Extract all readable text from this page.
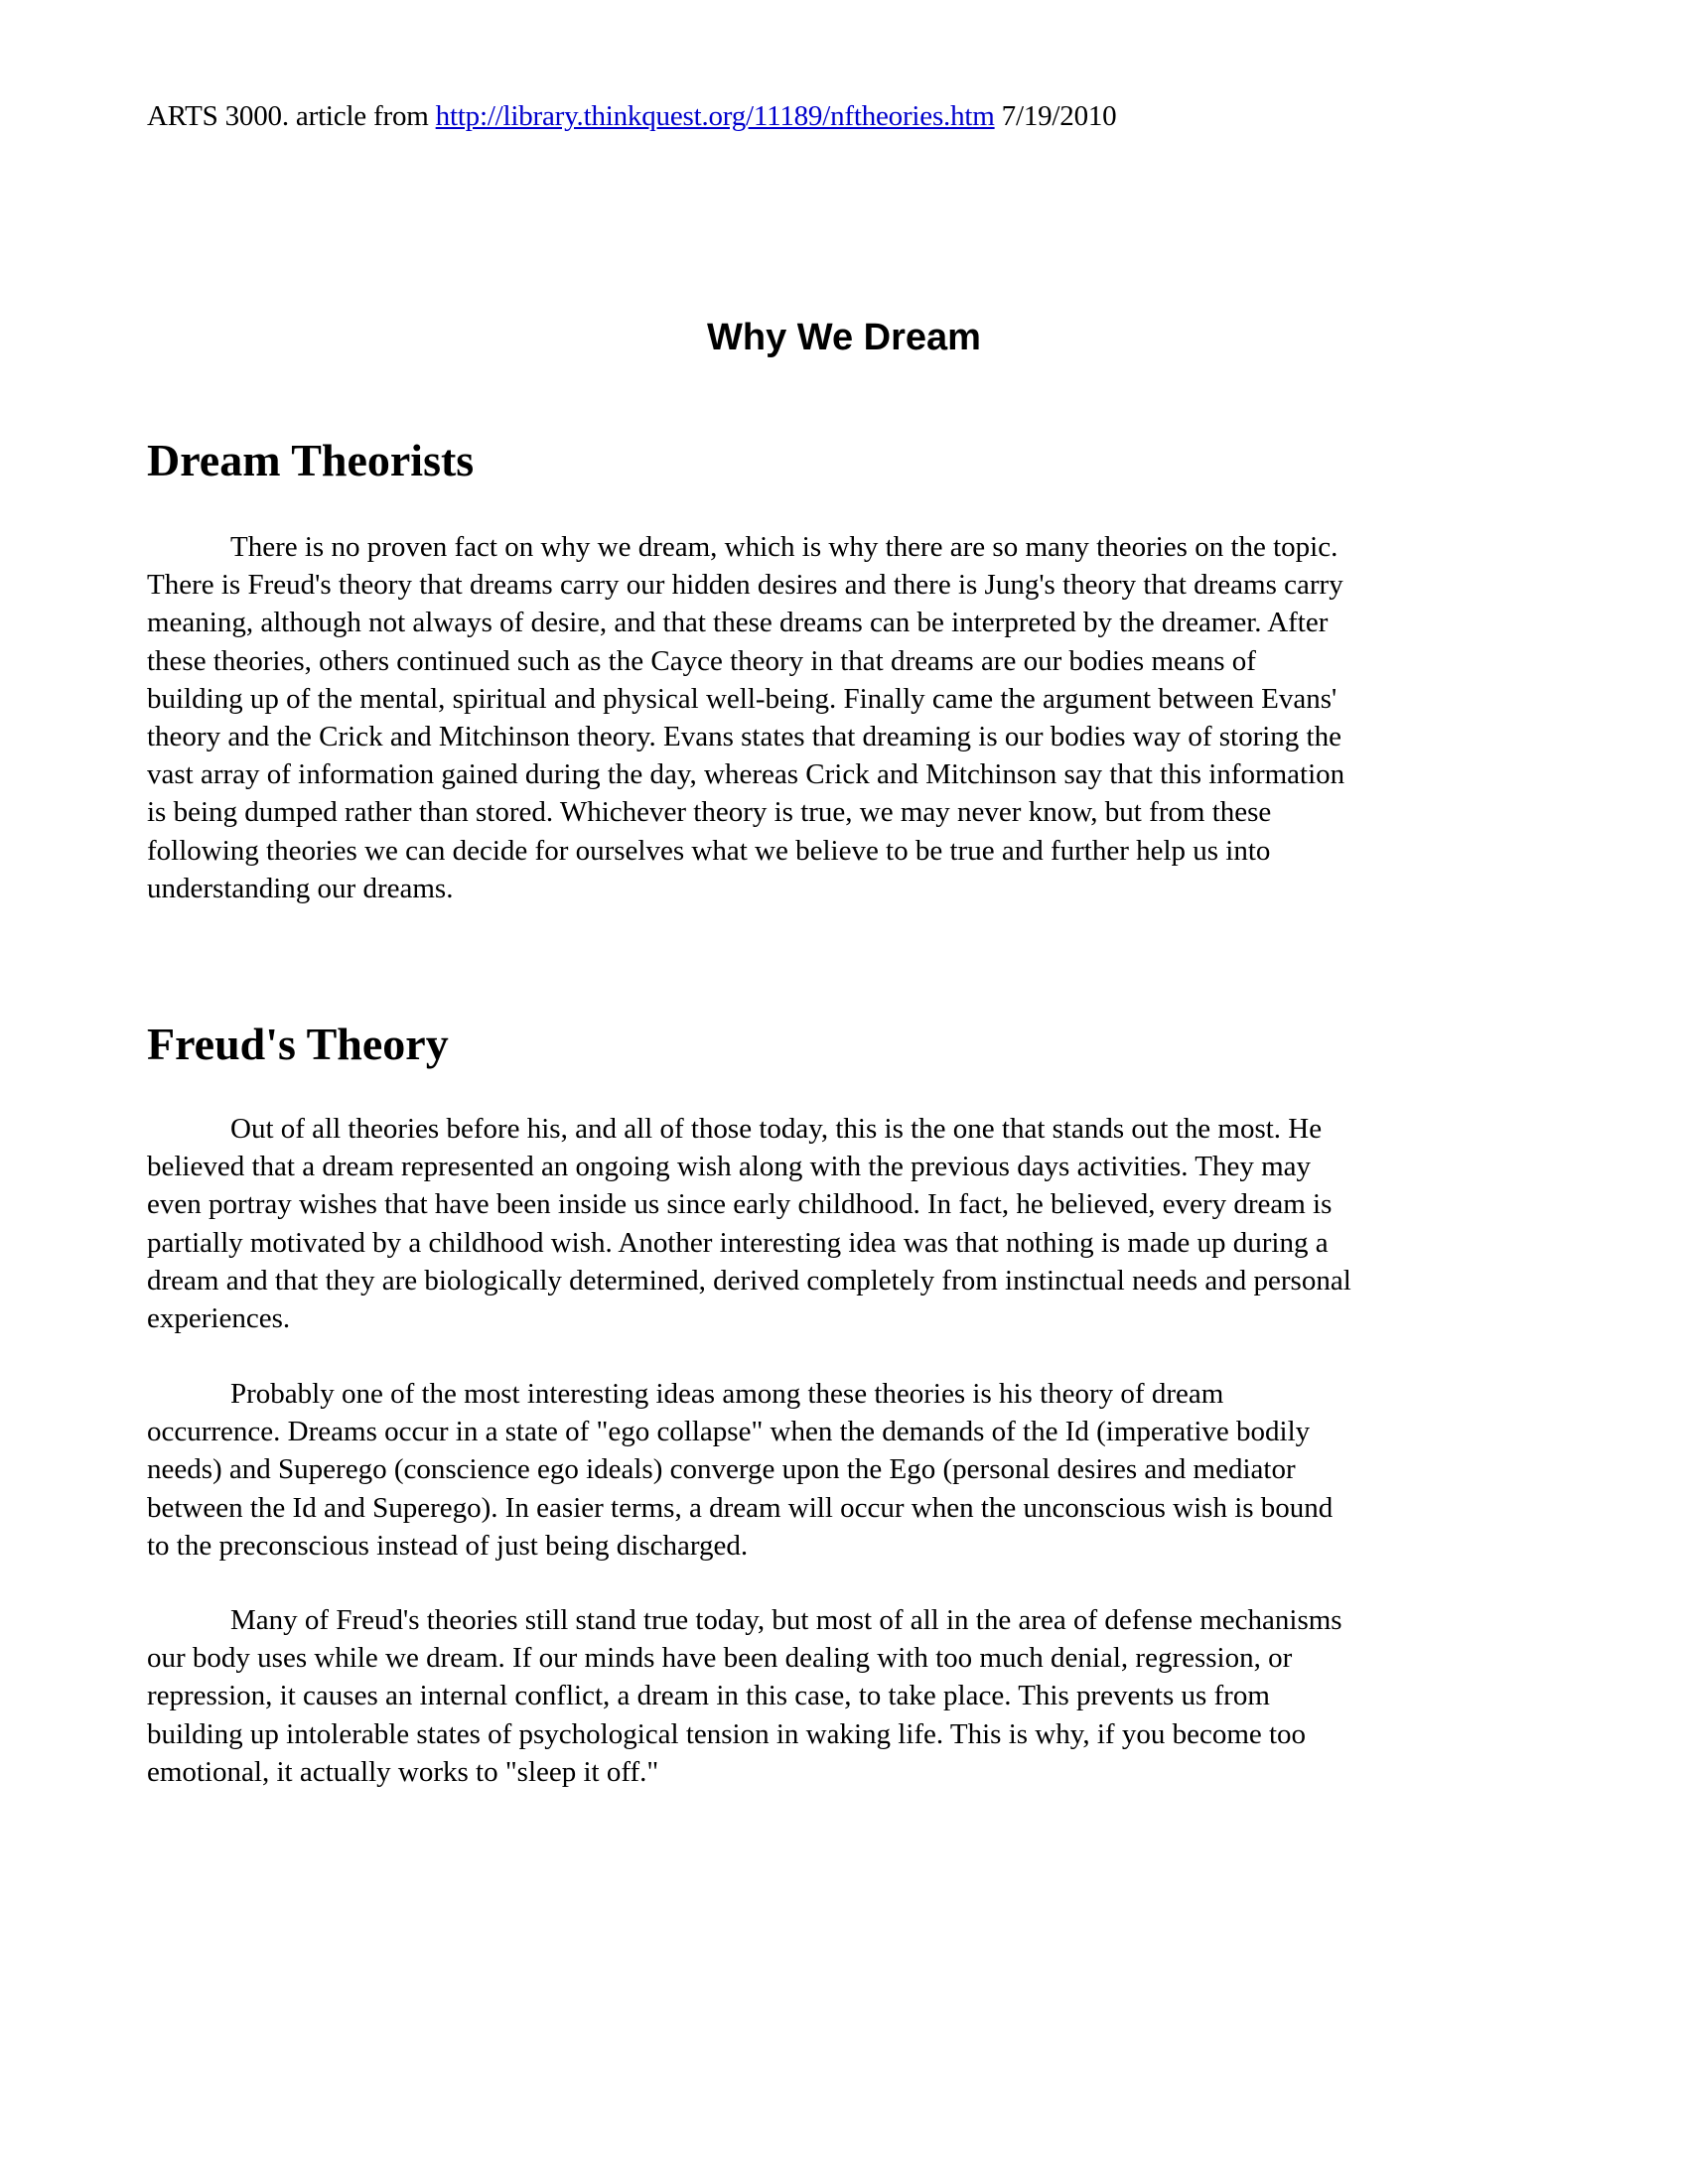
ARTS 3000. article from http://library.thinkquest.org/11189/nftheories.htm 7/19/2010
Why We Dream
Dream Theorists

There is no proven fact on why we dream, which is why there are so many theories on the topic.
There is Freud's theory that dreams carry our hidden desires and there is Jung's theory that dreams carry
meaning, although not always of desire, and that these dreams can be interpreted by the dreamer. After
these theories, others continued such as the Cayce theory in that dreams are our bodies means of
building up of the mental, spiritual and physical well-being. Finally came the argument between Evans'
theory and the Crick and Mitchinson theory. Evans states that dreaming is our bodies way of storing the
vast array of information gained during the day, whereas Crick and Mitchinson say that this information
is being dumped rather than stored. Whichever theory is true, we may never know, but from these
following theories we can decide for ourselves what we believe to be true and further help us into
understanding our dreams.

Freud's Theory

Out of all theories before his, and all of those today, this is the one that stands out the most. He
believed that a dream represented an ongoing wish along with the previous days activities. They may
even portray wishes that have been inside us since early childhood. In fact, he believed, every dream is
partially motivated by a childhood wish. Another interesting idea was that nothing is made up during a
dream and that they are biologically determined, derived completely from instinctual needs and personal
experiences.

Probably one of the most interesting ideas among these theories is his theory of dream
occurrence. Dreams occur in a state of "ego collapse" when the demands of the Id (imperative bodily
needs) and Superego (conscience ego ideals) converge upon the Ego (personal desires and mediator
between the Id and Superego). In easier terms, a dream will occur when the unconscious wish is bound
to the preconscious instead of just being discharged.

Many of Freud's theories still stand true today, but most of all in the area of defense mechanisms
our body uses while we dream. If our minds have been dealing with too much denial, regression, or
repression, it causes an internal conflict, a dream in this case, to take place. This prevents us from
building up intolerable states of psychological tension in waking life. This is why, if you become too
emotional, it actually works to "sleep it off."
